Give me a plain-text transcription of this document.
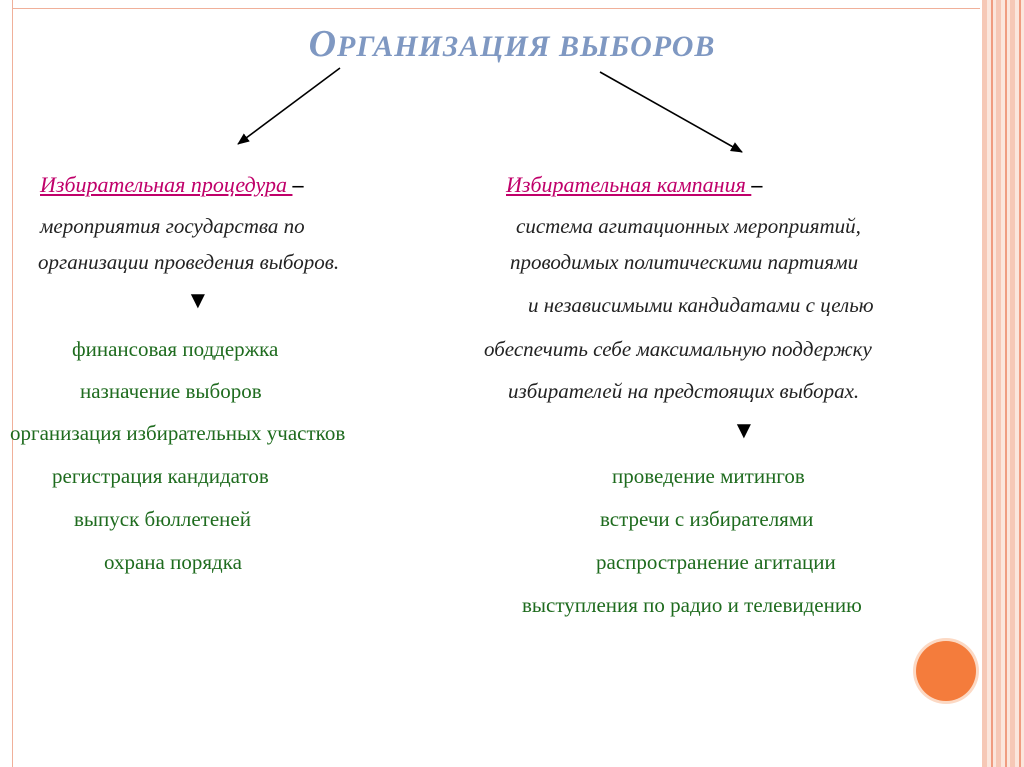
ОРГАНИЗАЦИЯ ВЫБОРОВ
Избирательная процедура –
мероприятия государства по
организации проведения выборов.
▼
финансовая поддержка
назначение выборов
организация избирательных участков
регистрация кандидатов
выпуск бюллетеней
охрана порядка
Избирательная кампания –
система агитационных мероприятий,
проводимых политическими партиями
и независимыми кандидатами с целью
обеспечить себе максимальную поддержку
избирателей на предстоящих выборах.
▼
проведение митингов
встречи с избирателями
распространение агитации
выступления по радио и телевидению
